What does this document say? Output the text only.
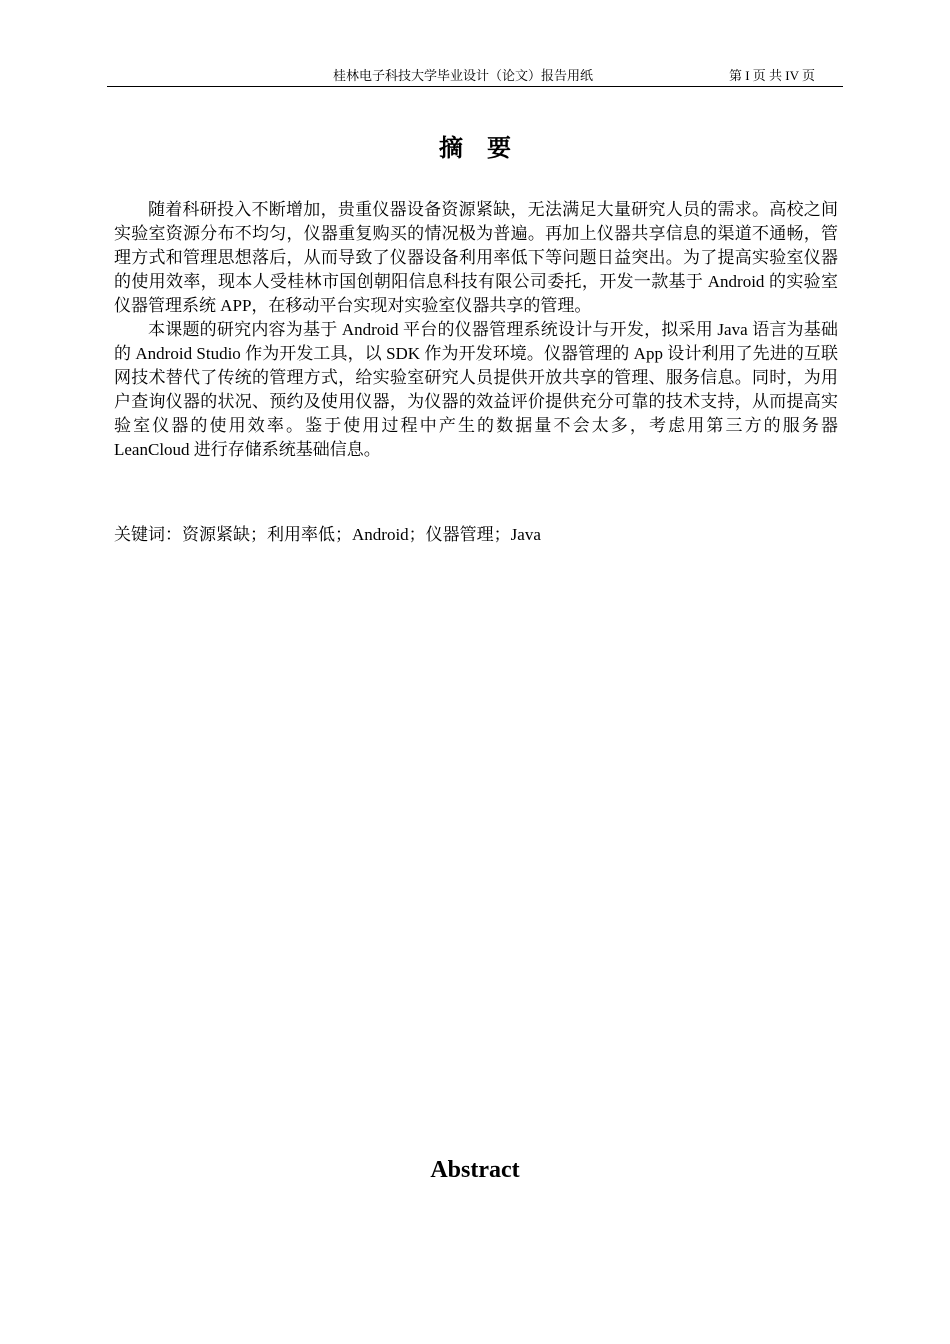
桂林电子科技大学毕业设计（论文）报告用纸	第 I 页 共 IV 页
摘要

随着科研投入不断增加，贵重仪器设备资源紧缺，无法满足大量研究人员的需求。高校之间实验室资源分布不均匀，仪器重复购买的情况极为普遍。再加上仪器共享信息的渠道不通畅，管理方式和管理思想落后，从而导致了仪器设备利用率低下等问题日益突出。为了提高实验室仪器的使用效率，现本人受桂林市国创朝阳信息科技有限公司委托，开发一款基于 Android 的实验室仪器管理系统 APP，在移动平台实现对实验室仪器共享的管理。

本课题的研究内容为基于 Android 平台的仪器管理系统设计与开发，拟采用 Java 语言为基础的 Android Studio 作为开发工具，以 SDK 作为开发环境。仪器管理的 App 设计利用了先进的互联网技术替代了传统的管理方式，给实验室研究人员提供开放共享的管理、服务信息。同时，为用户查询仪器的状况、预约及使用仪器，为仪器的效益评价提供充分可靠的技术支持，从而提高实验室仪器的使用效率。鉴于使用过程中产生的数据量不会太多，考虑用第三方的服务器 LeanCloud 进行存储系统基础信息。

关键词：资源紧缺；利用率低；Android；仪器管理；Java
Abstract
